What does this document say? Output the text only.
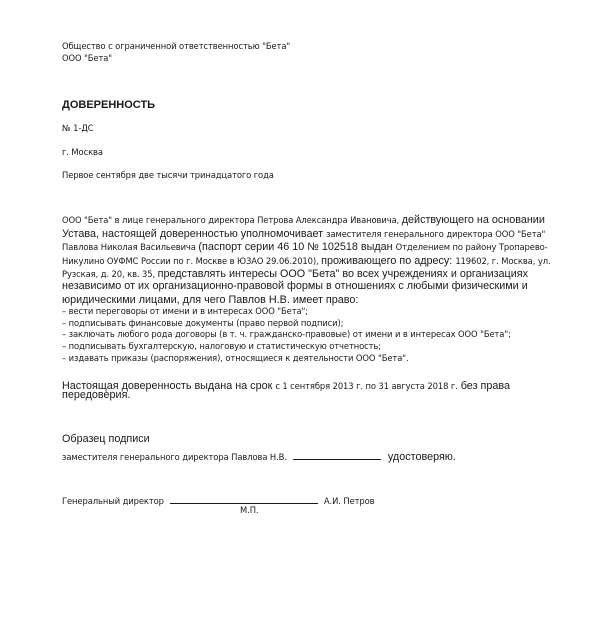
Общество с ограниченной ответственностью "Бета"
ООО "Бета"
ДОВЕРЕННОСТЬ
№ 1-ДС
г. Москва
Первое сентября две тысячи тринадцатого года
ООО "Бета" в лице генерального директора Петрова Александра Ивановича, действующего на основании
Устава, настоящей доверенностью уполномочивает заместителя генерального директора ООО "Бета"
Павлова Николая Васильевича (паспорт серии 46 10 № 102518 выдан Отделением по району Тропарево-
Никулино ОУФМС России по г. Москве в ЮЗАО 29.06.2010), проживающего по адресу: 119602, г. Москва, ул.
Рузская, д. 20, кв. 35, представлять интересы ООО "Бета" во всех учреждениях и организациях
независимо от их организационно-правовой формы в отношениях с любыми физическими и
юридическими лицами, для чего Павлов Н.В. имеет право:
– вести переговоры от имени и в интересах ООО "Бета";
– подписывать финансовые документы (право первой подписи);
– заключать любого рода договоры (в т. ч. гражданско-правовые) от имени и в интересах ООО "Бета";
– подписывать бухгалтерскую, налоговую и статистическую отчетность;
– издавать приказы (распоряжения), относящиеся к деятельности ООО "Бета".
Настоящая доверенность выдана на срок с 1 сентября 2013 г. по 31 августа 2018 г. без права
передоверия.
Образец подписи
заместителя генерального директора Павлова Н.В.	удостоверяю.
Генеральный директор	А.И. Петров
М.П.
